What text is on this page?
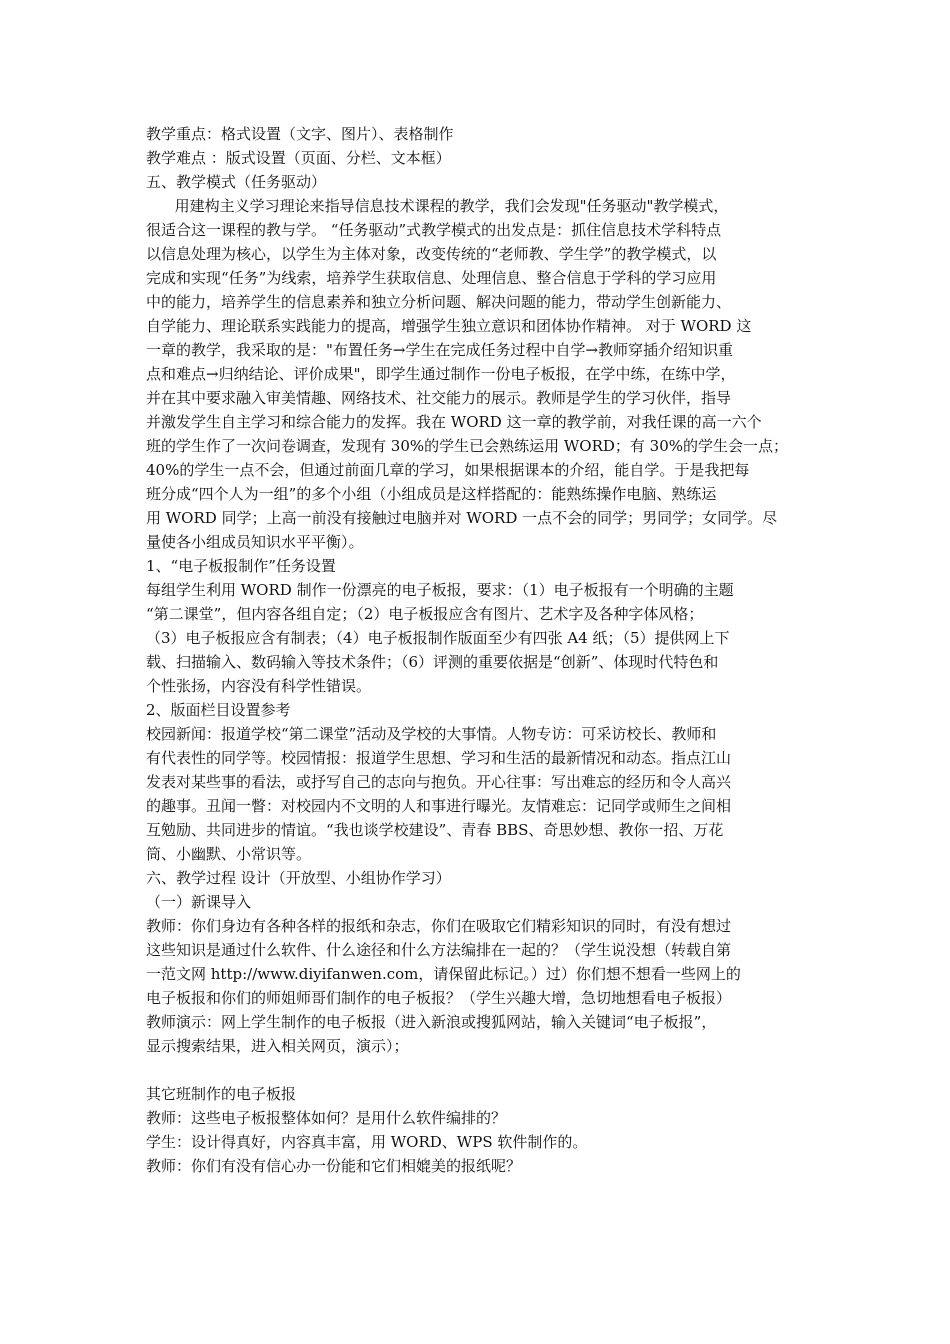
教学重点：格式设置（文字、图片）、表格制作

教学难点 ：版式设置（页面、分栏、文本框）

五、教学模式（任务驱动）

用建构主义学习理论来指导信息技术课程的教学，我们会发现"任务驱动"教学模式，

很适合这一课程的教与学。 “任务驱动”式教学模式的出发点是：抓住信息技术学科特点

以信息处理为核心，以学生为主体对象，改变传统的“老师教、学生学”的教学模式，以

完成和实现“任务”为线索，培养学生获取信息、处理信息、整合信息于学科的学习应用

中的能力，培养学生的信息素养和独立分析问题、解决问题的能力，带动学生创新能力、

自学能力、理论联系实践能力的提高，增强学生独立意识和团体协作精神。 对于 WORD 这

一章的教学，我采取的是："布置任务→学生在完成任务过程中自学→教师穿插介绍知识重

点和难点→归纳结论、评价成果"，即学生通过制作一份电子板报，在学中练，在练中学，

并在其中要求融入审美情趣、网络技术、社交能力的展示。教师是学生的学习伙伴，指导

并激发学生自主学习和综合能力的发挥。我在 WORD 这一章的教学前，对我任课的高一六个

班的学生作了一次问卷调查，发现有 30%的学生已会熟练运用 WORD；有 30%的学生会一点；

40%的学生一点不会，但通过前面几章的学习，如果根据课本的介绍，能自学。于是我把每

班分成“四个人为一组”的多个小组（小组成员是这样搭配的：能熟练操作电脑、熟练运

用 WORD 同学；上高一前没有接触过电脑并对 WORD 一点不会的同学；男同学；女同学。尽

量使各小组成员知识水平平衡）。

1、“电子板报制作”任务设置

每组学生利用 WORD 制作一份漂亮的电子板报，要求：（1）电子板报有一个明确的主题

“第二课堂”，但内容各组自定；（2）电子板报应含有图片、艺术字及各种字体风格；

（3）电子板报应含有制表；（4）电子板报制作版面至少有四张 A4 纸；（5）提供网上下

载、扫描输入、数码输入等技术条件；（6）评测的重要依据是“创新”、体现时代特色和

个性张扬，内容没有科学性错误。

2、版面栏目设置参考

校园新闻：报道学校“第二课堂”活动及学校的大事情。人物专访：可采访校长、教师和

有代表性的同学等。校园情报：报道学生思想、学习和生活的最新情况和动态。指点江山

发表对某些事的看法，或抒写自己的志向与抱负。开心往事：写出难忘的经历和令人高兴

的趣事。丑闻一瞥：对校园内不文明的人和事进行曝光。友情难忘：记同学或师生之间相

互勉励、共同进步的情谊。“我也谈学校建设”、青春 BBS、奇思妙想、教你一招、万花

筒、小幽默、小常识等。

六、教学过程 设计（开放型、小组协作学习）

（一）新课导入

教师：你们身边有各种各样的报纸和杂志，你们在吸取它们精彩知识的同时，有没有想过

这些知识是通过什么软件、什么途径和什么方法编排在一起的？（学生说没想（转载自第

一范文网 http://www.diyifanwen.com，请保留此标记。）过）你们想不想看一些网上的

电子板报和你们的师姐师哥们制作的电子板报？（学生兴趣大增，急切地想看电子板报）

教师演示：网上学生制作的电子板报（进入新浪或搜狐网站，输入关键词“电子板报”，

显示搜索结果，进入相关网页，演示）；

其它班制作的电子板报

教师：这些电子板报整体如何？是用什么软件编排的？

学生：设计得真好，内容真丰富，用 WORD、WPS 软件制作的。

教师：你们有没有信心办一份能和它们相媲美的报纸呢？
